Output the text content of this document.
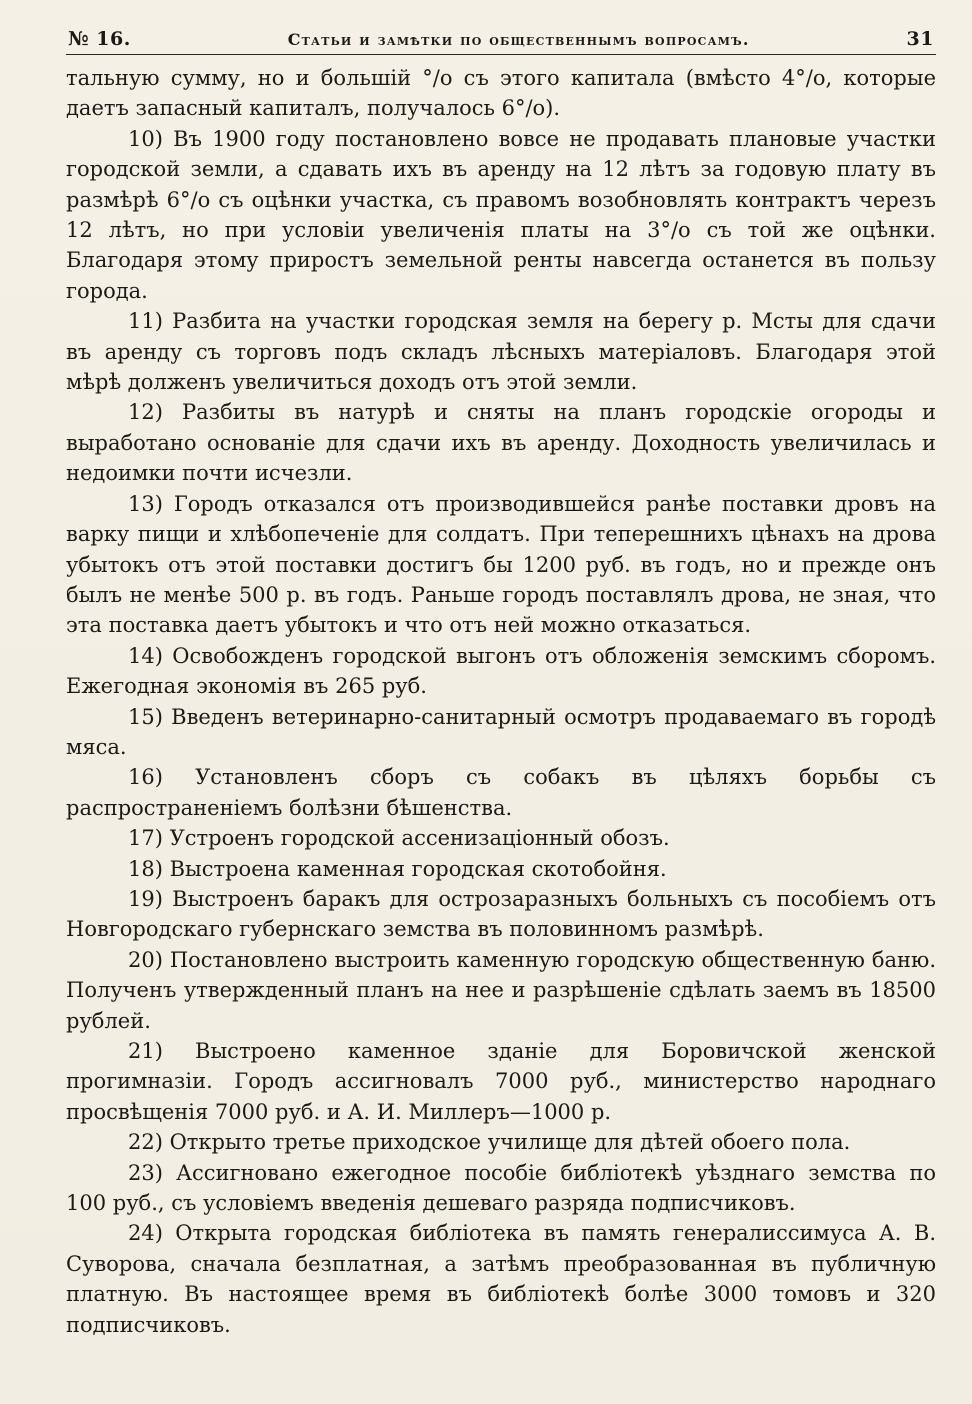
№ 16.	Статьи и замѣтки по общественнымъ вопросамъ.	31

тальную сумму, но и большій °/о съ этого капитала (вмѣсто 4°/о, которые даетъ запасный капиталъ, получалось 6°/о).

10) Въ 1900 году постановлено вовсе не продавать плановые участки городской земли, а сдавать ихъ въ аренду на 12 лѣтъ за годовую плату въ размѣрѣ 6°/о съ оцѣнки участка, съ правомъ возобновлять контрактъ черезъ 12 лѣтъ, но при условіи увеличенія платы на 3°/о съ той же оцѣнки. Благодаря этому приростъ земельной ренты навсегда останется въ пользу города.

11) Разбита на участки городская земля на берегу р. Мсты для сдачи въ аренду съ торговъ подъ складъ лѣсныхъ матеріаловъ. Благодаря этой мѣрѣ долженъ увеличиться доходъ отъ этой земли.

12) Разбиты въ натурѣ и сняты на планъ городскіе огороды и выработано основаніе для сдачи ихъ въ аренду. Доходность увеличилась и недоимки почти исчезли.

13) Городъ отказался отъ производившейся ранѣе поставки дровъ на варку пищи и хлѣбопеченіе для солдатъ. При теперешнихъ цѣнахъ на дрова убытокъ отъ этой поставки достигъ бы 1200 руб. въ годъ, но и прежде онъ былъ не менѣе 500 р. въ годъ. Раньше городъ поставлялъ дрова, не зная, что эта поставка даетъ убытокъ и что отъ ней можно отказаться.

14) Освобожденъ городской выгонъ отъ обложенія земскимъ сборомъ. Ежегодная экономія въ 265 руб.

15) Введенъ ветеринарно-санитарный осмотръ продаваемаго въ городѣ мяса.

16) Установленъ сборъ съ собакъ въ цѣляхъ борьбы съ распространеніемъ болѣзни бѣшенства.

17) Устроенъ городской ассенизаціонный обозъ.

18) Выстроена каменная городская скотобойня.

19) Выстроенъ баракъ для острозаразныхъ больныхъ съ пособіемъ отъ Новгородскаго губернскаго земства въ половинномъ размѣрѣ.

20) Постановлено выстроить каменную городскую общественную баню. Полученъ утвержденный планъ на нее и разрѣшеніе сдѣлать заемъ въ 18500 рублей.

21) Выстроено каменное зданіе для Боровичской женской прогимназіи. Городъ ассигновалъ 7000 руб., министерство народнаго просвѣщенія 7000 руб. и А. И. Миллеръ—1000 р.

22) Открыто третье приходское училище для дѣтей обоего пола.

23) Ассигновано ежегодное пособіе библіотекѣ уѣзднаго земства по 100 руб., съ условіемъ введенія дешеваго разряда подписчиковъ.

24) Открыта городская библіотека въ память генералиссимуса А. В. Суворова, сначала безплатная, а затѣмъ преобразованная въ публичную платную. Въ настоящее время въ библіотекѣ болѣе 3000 томовъ и 320 подписчиковъ.
